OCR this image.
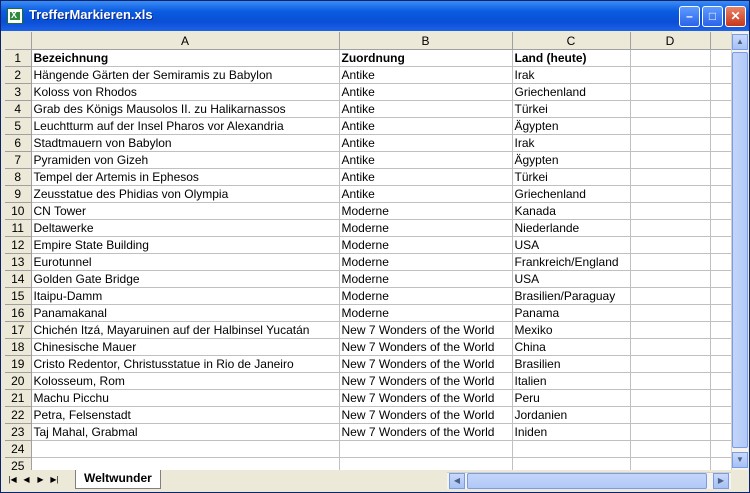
X
TrefferMarkieren.xls	–	□	✕
	A	B	C	D	
1	Bezeichnung	Zuordnung	Land (heute)		
2	Hängende Gärten der Semiramis zu Babylon	Antike	Irak		
3	Koloss von Rhodos	Antike	Griechenland		
4	Grab des Königs Mausolos II. zu Halikarnassos	Antike	Türkei		
5	Leuchtturm auf der Insel Pharos vor Alexandria	Antike	Ägypten		
6	Stadtmauern von Babylon	Antike	Irak		
7	Pyramiden von Gizeh	Antike	Ägypten		
8	Tempel der Artemis in Ephesos	Antike	Türkei		
9	Zeusstatue des Phidias von Olympia	Antike	Griechenland		
10	CN Tower	Moderne	Kanada		
11	Deltawerke	Moderne	Niederlande		
12	Empire State Building	Moderne	USA		
13	Eurotunnel	Moderne	Frankreich/England		
14	Golden Gate Bridge	Moderne	USA		
15	Itaipu-Damm	Moderne	Brasilien/Paraguay		
16	Panamakanal	Moderne	Panama		
17	Chichén Itzá, Mayaruinen auf der Halbinsel Yucatán	New 7 Wonders of the World	Mexiko		
18	Chinesische Mauer	New 7 Wonders of the World	China		
19	Cristo Redentor, Christusstatue in Rio de Janeiro	New 7 Wonders of the World	Brasilien		
20	Kolosseum, Rom	New 7 Wonders of the World	Italien		
21	Machu Picchu	New 7 Wonders of the World	Peru		
22	Petra, Felsenstadt	New 7 Wonders of the World	Jordanien		
23	Taj Mahal, Grabmal	New 7 Wonders of the World	Iniden		
24					
25					
▲
▼
|◀ ◀ ▶ ▶|	Weltwunder	◀	▶
